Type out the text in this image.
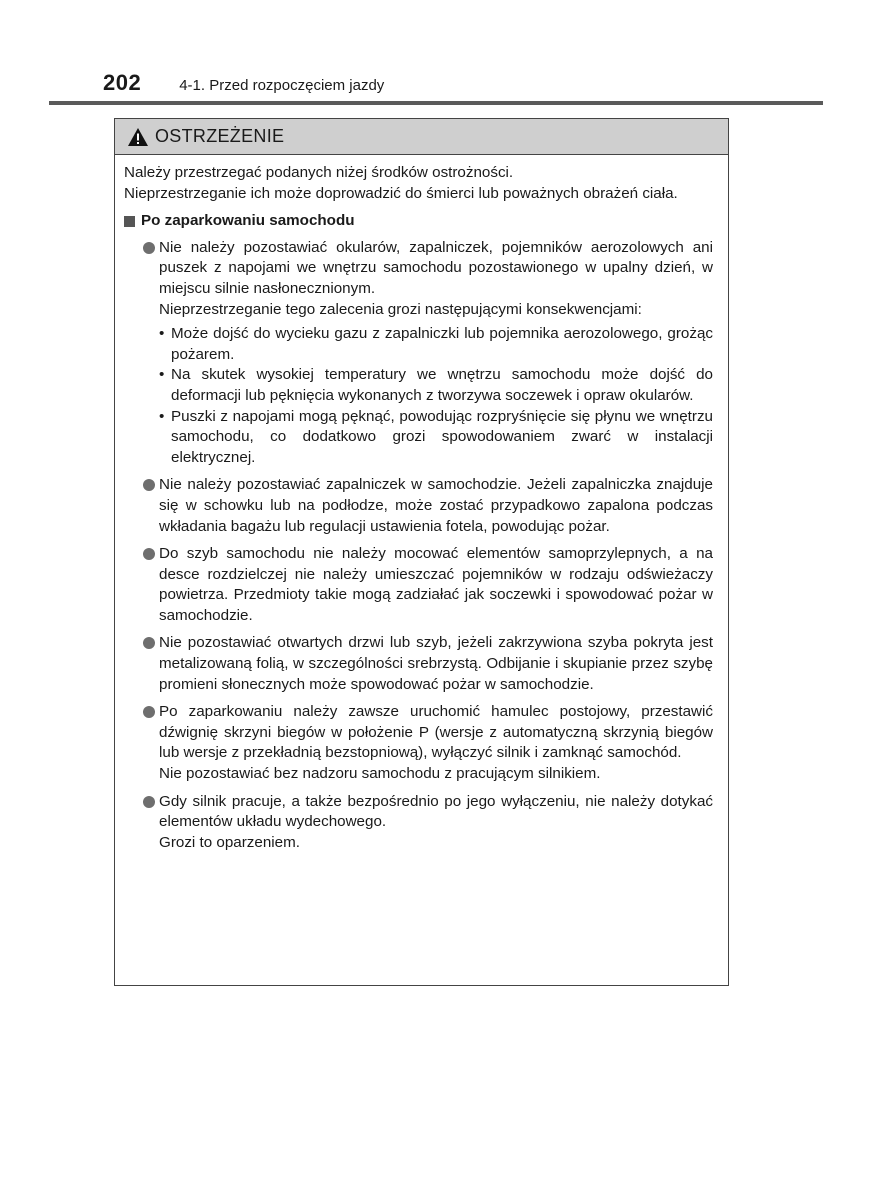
202	4-1. Przed rozpoczęciem jazdy
OSTRZEŻENIE

Należy przestrzegać podanych niżej środków ostrożności.

Nieprzestrzeganie ich może doprowadzić do śmierci lub poważnych obrażeń ciała.

Po zaparkowaniu samochodu

Nie należy pozostawiać okularów, zapalniczek, pojemników aerozolowych ani puszek z napojami we wnętrzu samochodu pozostawionego w upalny dzień, w miejscu silnie nasłonecznionym.

Nieprzestrzeganie tego zalecenia grozi następującymi konsekwencjami:

• Może dojść do wycieku gazu z zapalniczki lub pojemnika aerozolowego, grożąc pożarem.
• Na skutek wysokiej temperatury we wnętrzu samochodu może dojść do deformacji lub pęknięcia wykonanych z tworzywa soczewek i opraw okularów.
• Puszki z napojami mogą pęknąć, powodując rozpryśnięcie się płynu we wnętrzu samochodu, co dodatkowo grozi spowodowaniem zwarć w instalacji elektrycznej.

Nie należy pozostawiać zapalniczek w samochodzie. Jeżeli zapalniczka znajduje się w schowku lub na podłodze, może zostać przypadkowo zapalona podczas wkładania bagażu lub regulacji ustawienia fotela, powodując pożar.

Do szyb samochodu nie należy mocować elementów samoprzylepnych, a na desce rozdzielczej nie należy umieszczać pojemników w rodzaju odświeżaczy powietrza. Przedmioty takie mogą zadziałać jak soczewki i spowodować pożar w samochodzie.

Nie pozostawiać otwartych drzwi lub szyb, jeżeli zakrzywiona szyba pokryta jest metalizowaną folią, w szczególności srebrzystą. Odbijanie i skupianie przez szybę promieni słonecznych może spowodować pożar w samochodzie.

Po zaparkowaniu należy zawsze uruchomić hamulec postojowy, przestawić dźwignię skrzyni biegów w położenie P (wersje z automatyczną skrzynią biegów lub wersje z przekładnią bezstopniową), wyłączyć silnik i zamknąć samochód.

Nie pozostawiać bez nadzoru samochodu z pracującym silnikiem.

Gdy silnik pracuje, a także bezpośrednio po jego wyłączeniu, nie należy dotykać elementów układu wydechowego.

Grozi to oparzeniem.
